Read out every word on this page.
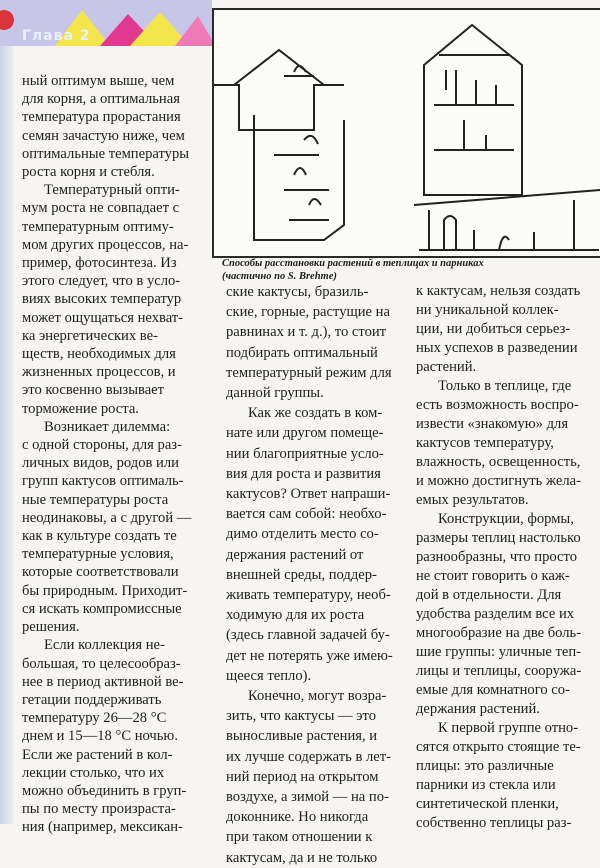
Глава 2
Способы расстановки растений в теплицах и парниках
(частично по S. Brehme)
ный оптимум выше, чем
для корня, а оптимальная
температура прорастания
семян зачастую ниже, чем
оптимальные температуры
роста корня и стебля.
Температурный опти-
мум роста не совпадает с
температурным оптиму-
мом других процессов, на-
пример, фотосинтеза. Из
этого следует, что в усло-
виях высоких температур
может ощущаться нехват-
ка энергетических ве-
ществ, необходимых для
жизненных процессов, и
это косвенно вызывает
торможение роста.
Возникает дилемма:
с одной стороны, для раз-
личных видов, родов или
групп кактусов оптималь-
ные температуры роста
неодинаковы, а с другой —
как в культуре создать те
температурные условия,
которые соответствовали
бы природным. Приходит-
ся искать компромиссные
решения.
Если коллекция не-
большая, то целесообраз-
нее в период активной ве-
гетации поддерживать
температуру 26—28 °С
днем и 15—18 °С ночью.
Если же растений в кол-
лекции столько, что их
можно объединить в груп-
пы по месту произраста-
ния (например, мексикан-
ские кактусы, бразиль-
ские, горные, растущие на
равнинах и т. д.), то стоит
подбирать оптимальный
температурный режим для
данной группы.
Как же создать в ком-
нате или другом помеще-
нии благоприятные усло-
вия для роста и развития
кактусов? Ответ напраши-
вается сам собой: необхо-
димо отделить место со-
держания растений от
внешней среды, поддер-
живать температуру, необ-
ходимую для их роста
(здесь главной задачей бу-
дет не потерять уже имею-
щееся тепло).
Конечно, могут возра-
зить, что кактусы — это
выносливые растения, и
их лучше содержать в лет-
ний период на открытом
воздухе, а зимой — на по-
доконнике. Но никогда
при таком отношении к
кактусам, да и не только
к кактусам, нельзя создать
ни уникальной коллек-
ции, ни добиться серьез-
ных успехов в разведении
растений.
Только в теплице, где
есть возможность воспро-
извести «знакомую» для
кактусов температуру,
влажность, освещенность,
и можно достигнуть жела-
емых результатов.
Конструкции, формы,
размеры теплиц настолько
разнообразны, что просто
не стоит говорить о каж-
дой в отдельности. Для
удобства разделим все их
многообразие на две боль-
шие группы: уличные теп-
лицы и теплицы, сооружа-
емые для комнатного со-
держания растений.
К первой группе отно-
сятся открыто стоящие те-
плицы: это различные
парники из стекла или
синтетической пленки,
собственно теплицы раз-
